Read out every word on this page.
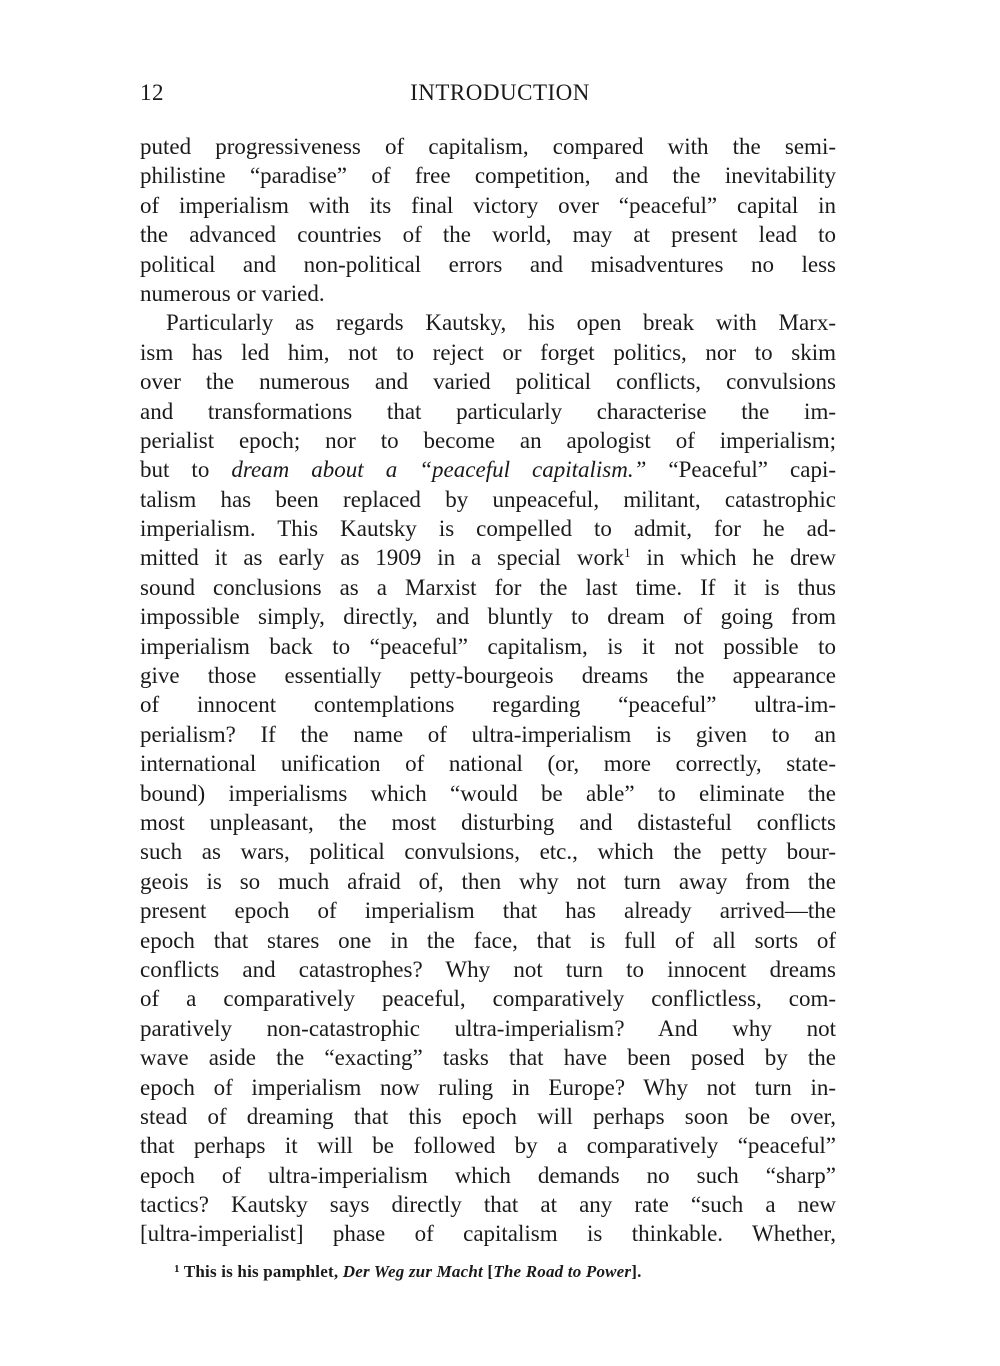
12	INTRODUCTION
puted progressiveness of capitalism, compared with the semi-
philistine “paradise” of free competition, and the inevitability
of imperialism with its final victory over “peaceful” capital in
the advanced countries of the world, may at present lead to
political and non-political errors and misadventures no less
numerous or varied.
Particularly as regards Kautsky, his open break with Marx-
ism has led him, not to reject or forget politics, nor to skim
over the numerous and varied political conflicts, convulsions
and transformations that particularly characterise the im-
perialist epoch; nor to become an apologist of imperialism;
but to dream about a “peaceful capitalism.” “Peaceful” capi-
talism has been replaced by unpeaceful, militant, catastrophic
imperialism. This Kautsky is compelled to admit, for he ad-
mitted it as early as 1909 in a special work$^1$ in which he drew
sound conclusions as a Marxist for the last time. If it is thus
impossible simply, directly, and bluntly to dream of going from
imperialism back to “peaceful” capitalism, is it not possible to
give those essentially petty-bourgeois dreams the appearance
of innocent contemplations regarding “peaceful” ultra-im-
perialism? If the name of ultra-imperialism is given to an
international unification of national (or, more correctly, state-
bound) imperialisms which “would be able” to eliminate the
most unpleasant, the most disturbing and distasteful conflicts
such as wars, political convulsions, etc., which the petty bour-
geois is so much afraid of, then why not turn away from the
present epoch of imperialism that has already arrived—the
epoch that stares one in the face, that is full of all sorts of
conflicts and catastrophes? Why not turn to innocent dreams
of a comparatively peaceful, comparatively conflictless, com-
paratively non-catastrophic ultra-imperialism? And why not
wave aside the “exacting” tasks that have been posed by the
epoch of imperialism now ruling in Europe? Why not turn in-
stead of dreaming that this epoch will perhaps soon be over,
that perhaps it will be followed by a comparatively “peaceful”
epoch of ultra-imperialism which demands no such “sharp”
tactics? Kautsky says directly that at any rate “such a new
[ultra-imperialist] phase of capitalism is thinkable. Whether,
$^1$ This is his pamphlet, Der Weg zur Macht [The Road to Power].
